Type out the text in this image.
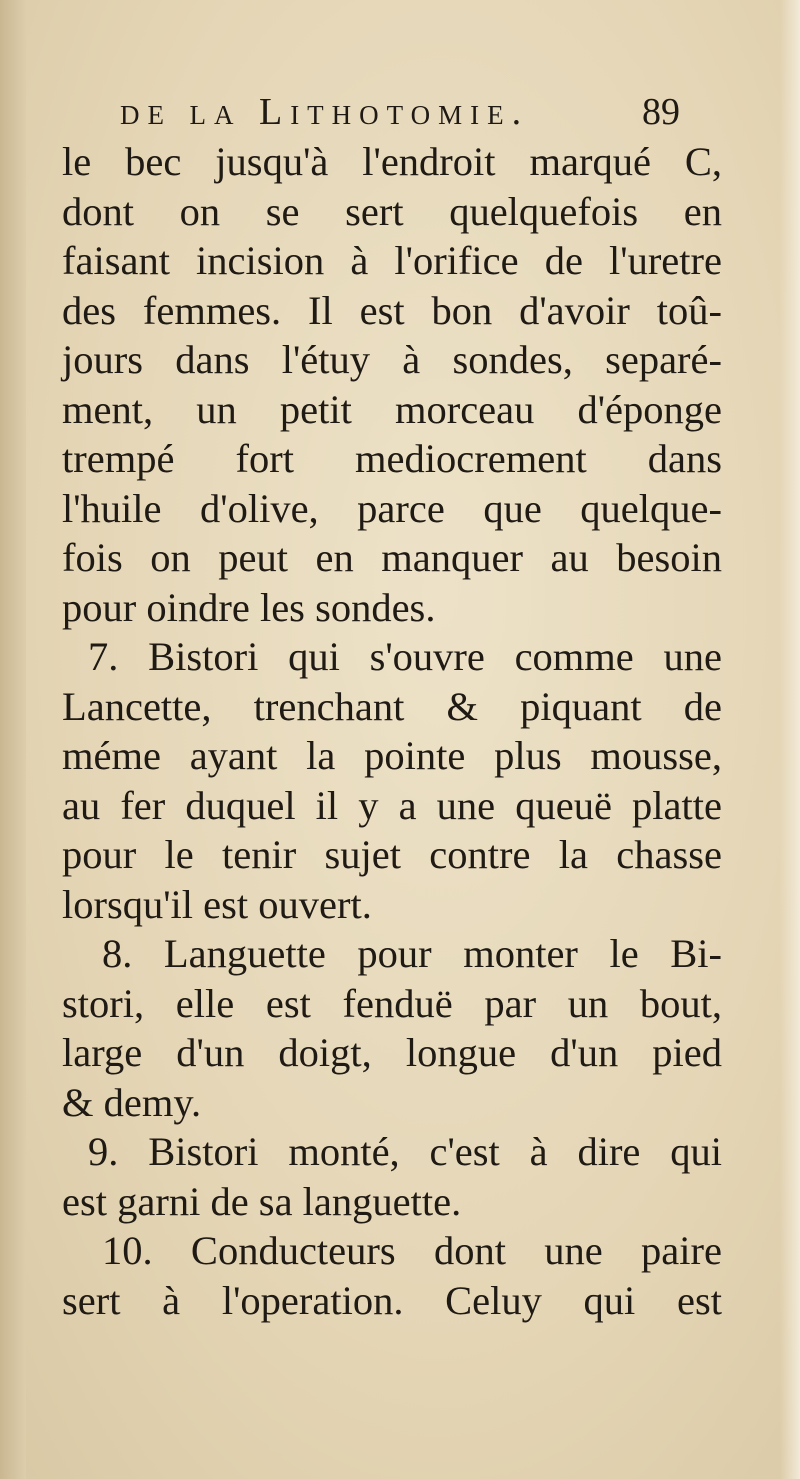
de la Lithotomie.	89
le bec jusqu'à l'endroit marqué C,
dont on se sert quelquefois en
faisant incision à l'orifice de l'uretre
des femmes. Il est bon d'avoir toû-
jours dans l'étuy à sondes, separé-
ment, un petit morceau d'éponge
trempé fort mediocrement dans
l'huile d'olive, parce que quelque-
fois on peut en manquer au besoin
pour oindre les sondes.
7. Bistori qui s'ouvre comme une
Lancette, trenchant & piquant de
méme ayant la pointe plus mousse,
au fer duquel il y a une queuë platte
pour le tenir sujet contre la chasse
lorsqu'il est ouvert.
8. Languette pour monter le Bi-
stori, elle est fenduë par un bout,
large d'un doigt, longue d'un pied
& demy.
9. Bistori monté, c'est à dire qui
est garni de sa languette.
10. Conducteurs dont une paire
sert à l'operation. Celuy qui est
